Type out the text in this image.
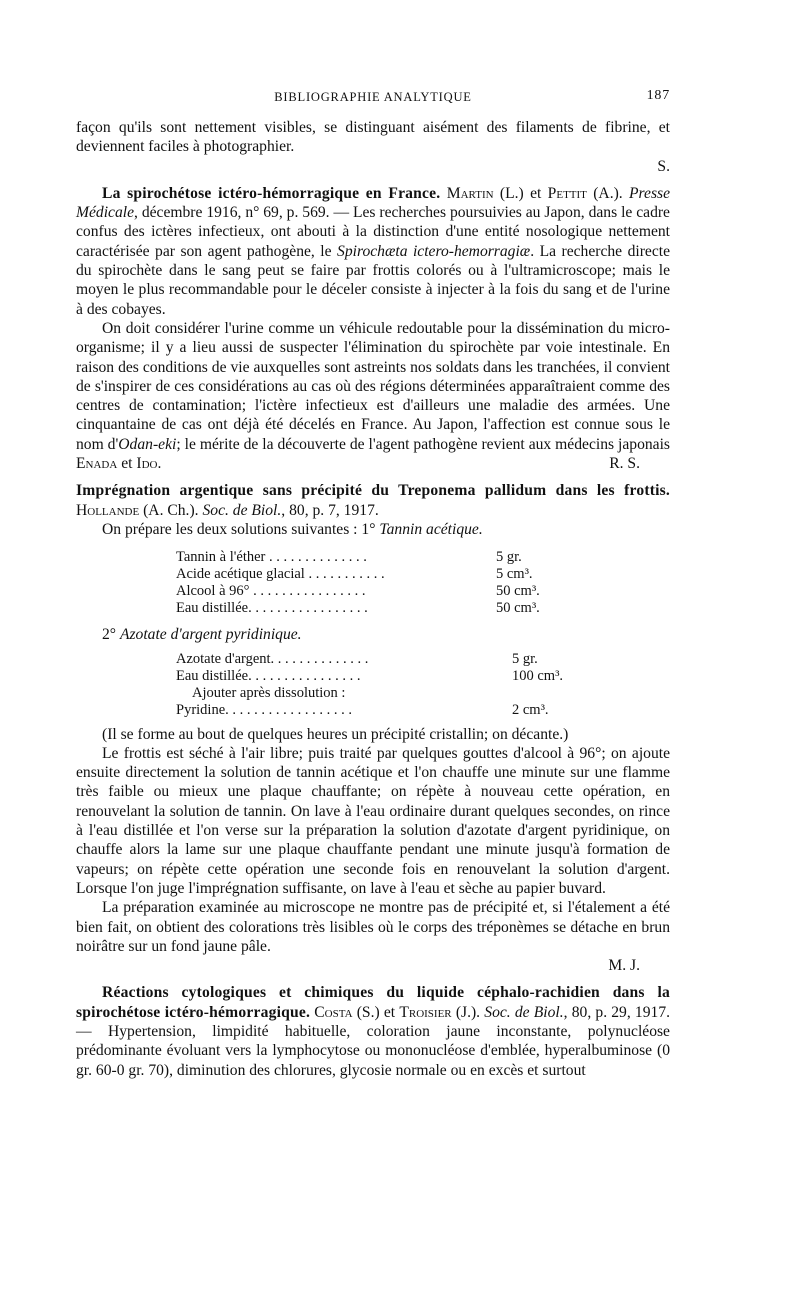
BIBLIOGRAPHIE ANALYTIQUE	187

façon qu'ils sont nettement visibles, se distinguant aisément des filaments de fibrine, et deviennent faciles à photographier.
S.

La spirochétose ictéro-hémorragique en France. Martin (L.) et Pettit (A.). Presse Médicale, décembre 1916, n° 69, p. 569. — Les recherches poursuivies au Japon, dans le cadre confus des ictères infectieux, ont abouti à la distinction d'une entité nosologique nettement caractérisée par son agent pathogène, le Spirochæta ictero-hemorragiæ. La recherche directe du spirochète dans le sang peut se faire par frottis colorés ou à l'ultramicroscope; mais le moyen le plus recommandable pour le déceler consiste à injecter à la fois du sang et de l'urine à des cobayes.

On doit considérer l'urine comme un véhicule redoutable pour la dissémination du micro-organisme; il y a lieu aussi de suspecter l'élimination du spirochète par voie intestinale. En raison des conditions de vie auxquelles sont astreints nos soldats dans les tranchées, il convient de s'inspirer de ces considérations au cas où des régions déterminées apparaîtraient comme des centres de contamination; l'ictère infectieux est d'ailleurs une maladie des armées. Une cinquantaine de cas ont déjà été décelés en France. Au Japon, l'affection est connue sous le nom d'Odan-eki; le mérite de la découverte de l'agent pathogène revient aux médecins japonais Enada et Ido.	R. S.

Imprégnation argentique sans précipité du Treponema pallidum dans les frottis. Hollande (A. Ch.). Soc. de Biol., 80, p. 7, 1917.

On prépare les deux solutions suivantes : 1° Tannin acétique.

Tannin à l'éther . . . . . . . . . . . . . .	5 gr.
Acide acétique glacial . . . . . . . . . . .	5 cm³.
Alcool à 96° . . . . . . . . . . . . . . . .	50 cm³.
Eau distillée. . . . . . . . . . . . . . . . .	50 cm³.

2° Azotate d'argent pyridinique.

Azotate d'argent. . . . . . . . . . . . . .	5 gr.
Eau distillée. . . . . . . . . . . . . . . .	100 cm³.
Ajouter après dissolution :	
Pyridine. . . . . . . . . . . . . . . . . .	2 cm³.

(Il se forme au bout de quelques heures un précipité cristallin; on décante.)

Le frottis est séché à l'air libre; puis traité par quelques gouttes d'alcool à 96°; on ajoute ensuite directement la solution de tannin acétique et l'on chauffe une minute sur une flamme très faible ou mieux une plaque chauffante; on répète à nouveau cette opération, en renouvelant la solution de tannin. On lave à l'eau ordinaire durant quelques secondes, on rince à l'eau distillée et l'on verse sur la préparation la solution d'azotate d'argent pyridinique, on chauffe alors la lame sur une plaque chauffante pendant une minute jusqu'à formation de vapeurs; on répète cette opération une seconde fois en renouvelant la solution d'argent. Lorsque l'on juge l'imprégnation suffisante, on lave à l'eau et sèche au papier buvard.

La préparation examinée au microscope ne montre pas de précipité et, si l'étalement a été bien fait, on obtient des colorations très lisibles où le corps des tréponèmes se détache en brun noirâtre sur un fond jaune pâle.

M. J.

Réactions cytologiques et chimiques du liquide céphalo-rachidien dans la spirochétose ictéro-hémorragique. Costa (S.) et Troisier (J.). Soc. de Biol., 80, p. 29, 1917. — Hypertension, limpidité habituelle, coloration jaune inconstante, polynucléose prédominante évoluant vers la lymphocytose ou mononucléose d'emblée, hyperalbuminose (0 gr. 60-0 gr. 70), diminution des chlorures, glycosie normale ou en excès et surtout
